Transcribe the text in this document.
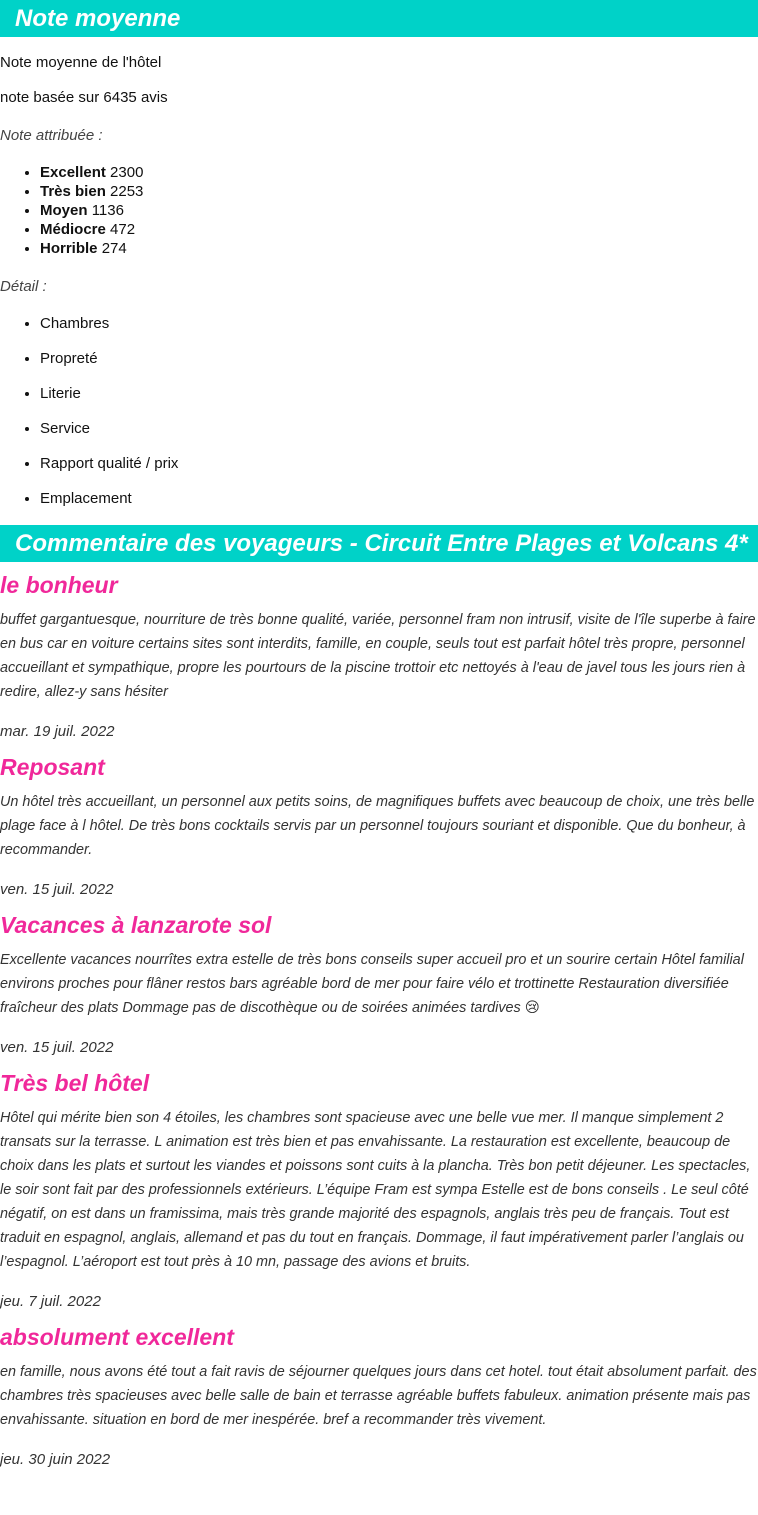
Note moyenne

Note moyenne de l'hôtel

note basée sur 6435 avis

Note attribuée :

• Excellent 2300
• Très bien 2253
• Moyen 1136
• Médiocre 472
• Horrible 274

Détail :

• Chambres
• Propreté
• Literie
• Service
• Rapport qualité / prix
• Emplacement
Commentaire des voyageurs - Circuit Entre Plages et Volcans 4*
le bonheur

buffet gargantuesque, nourriture de très bonne qualité, variée, personnel fram non intrusif, visite de l'île superbe à faire en bus car en voiture certains sites sont interdits, famille, en couple, seuls tout est parfait hôtel très propre, personnel accueillant et sympathique, propre les pourtours de la piscine trottoir etc nettoyés à l'eau de javel tous les jours rien à redire, allez-y sans hésiter

mar. 19 juil. 2022

Reposant

Un hôtel très accueillant, un personnel aux petits soins, de magnifiques buffets avec beaucoup de choix, une très belle plage face à l hôtel. De très bons cocktails servis par un personnel toujours souriant et disponible. Que du bonheur, à recommander.

ven. 15 juil. 2022

Vacances à lanzarote sol

Excellente vacances nourrîtes extra estelle de très bons conseils super accueil pro et un sourire certain Hôtel familial environs proches pour flâner restos bars agréable bord de mer pour faire vélo et trottinette Restauration diversifiée fraîcheur des plats Dommage pas de discothèque ou de soirées animées tardives 😢

ven. 15 juil. 2022

Très bel hôtel

Hôtel qui mérite bien son 4 étoiles, les chambres sont spacieuse avec une belle vue mer. Il manque simplement 2 transats sur la terrasse. L animation est très bien et pas envahissante. La restauration est excellente, beaucoup de choix dans les plats et surtout les viandes et poissons sont cuits à la plancha. Très bon petit déjeuner. Les spectacles, le soir sont fait par des professionnels extérieurs. L’équipe Fram est sympa Estelle est de bons conseils . Le seul côté négatif, on est dans un framissima, mais très grande majorité des espagnols, anglais très peu de français. Tout est traduit en espagnol, anglais, allemand et pas du tout en français. Dommage, il faut impérativement parler l’anglais ou l’espagnol. L’aéroport est tout près à 10 mn, passage des avions et bruits.

jeu. 7 juil. 2022

absolument excellent

en famille, nous avons été tout a fait ravis de séjourner quelques jours dans cet hotel. tout était absolument parfait. des chambres très spacieuses avec belle salle de bain et terrasse agréable buffets fabuleux. animation présente mais pas envahissante. situation en bord de mer inespérée. bref a recommander très vivement.

jeu. 30 juin 2022
